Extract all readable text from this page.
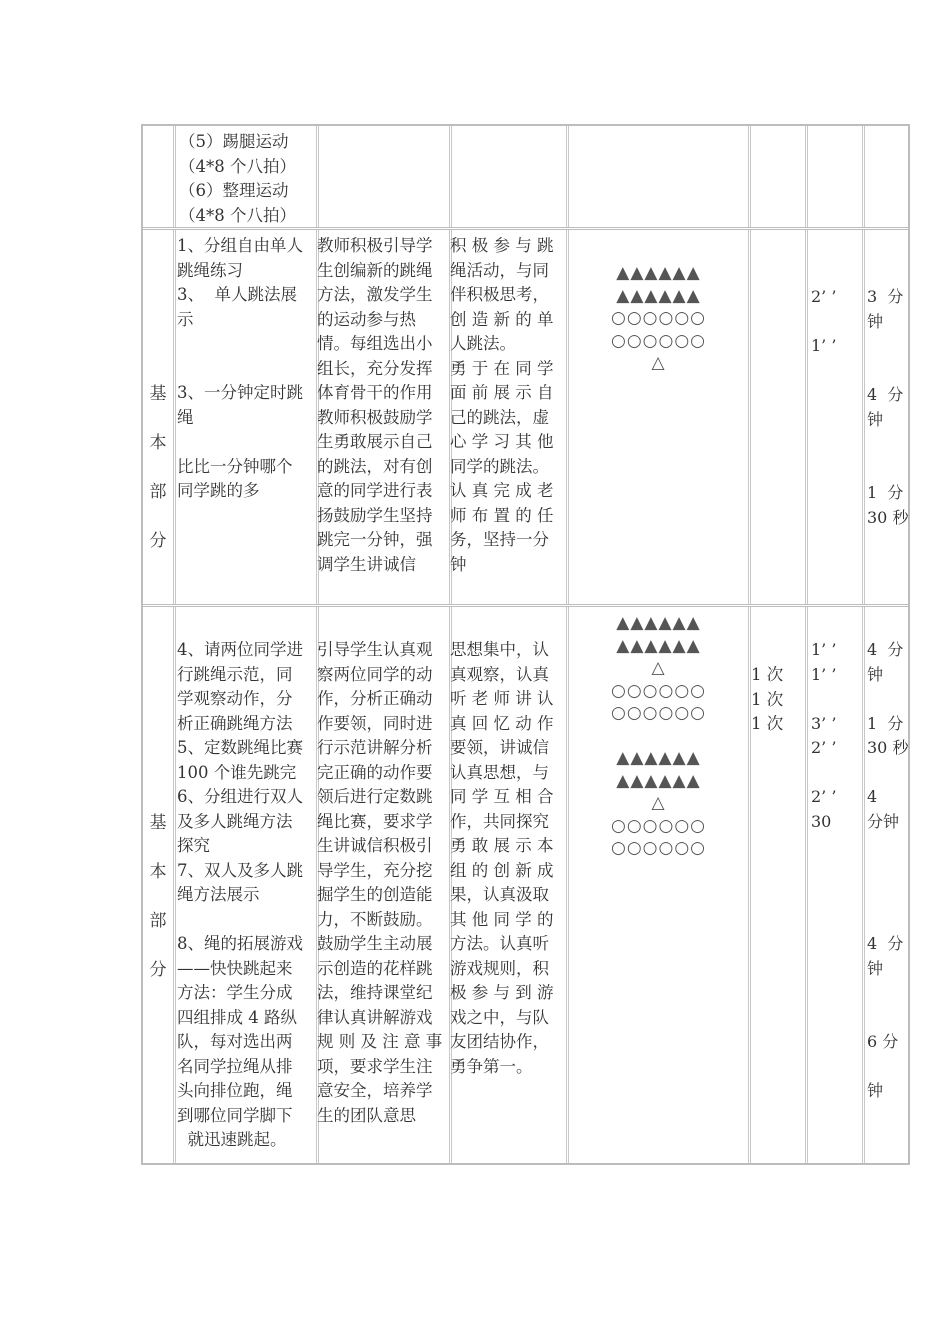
（5）踢腿运动
（4*8 个八拍）
（6）整理运动
（4*8 个八拍）
基

本

部

分
1、分组自由单人
跳绳练习
3、  单人跳法展
示

3、一分钟定时跳
绳

比比一分钟哪个
同学跳的多
教师积极引导学
生创编新的跳绳
方法，激发学生
的运动参与热
情。每组选出小
组长，充分发挥
体育骨干的作用
教师积极鼓励学
生勇敢展示自己
的跳法，对有创
意的同学进行表
扬鼓励学生坚持
跳完一分钟，强
调学生讲诚信
积 极 参 与 跳
绳活动，与同
伴积极思考，
创 造 新 的 单
人跳法。
勇 于 在 同 学
面 前 展 示 自
己的跳法，虚
心 学 习 其 他
同学的跳法。
认 真 完 成 老
师 布 置 的 任
务，坚持一分
钟
▲▲▲▲▲▲
▲▲▲▲▲▲
○○○○○○
○○○○○○
△
2’ ’

1’ ’
3  分
钟

4  分
钟

1  分
30 秒
基

本

部

分
4、请两位同学进
行跳绳示范，同
学观察动作，分
析正确跳绳方法
5、定数跳绳比赛
100 个谁先跳完
6、分组进行双人
及多人跳绳方法
探究
7、双人及多人跳
绳方法展示

8、绳的拓展游戏
——快快跳起来
方法：学生分成
四组排成 4 路纵
队，每对选出两
名同学拉绳从排
头向排位跑，绳
到哪位同学脚下
就迅速跳起。
引导学生认真观
察两位同学的动
作，分析正确动
作要领，同时进
行示范讲解分析
完正确的动作要
领后进行定数跳
绳比赛，要求学
生讲诚信积极引
导学生，充分挖
掘学生的创造能
力，不断鼓励。
鼓励学生主动展
示创造的花样跳
法，维持课堂纪
律认真讲解游戏
规 则 及 注 意 事
项，要求学生注
意安全，培养学
生的团队意思
思想集中，认
真观察，认真
听 老 师 讲 认
真 回 忆 动 作
要领，讲诚信
认真思想，与
同 学 互 相 合
作，共同探究
勇 敢 展 示 本
组 的 创 新 成
果，认真汲取
其 他 同 学 的
方法。认真听
游戏规则，积
极 参 与 到 游
戏之中，与队
友团结协作，
勇争第一。
▲▲▲▲▲▲
▲▲▲▲▲▲
△
○○○○○○
○○○○○○

▲▲▲▲▲▲
▲▲▲▲▲▲
△
○○○○○○
○○○○○○
1 次
1 次
1 次
1’ ’
1’ ’

3’ ’
2’ ’

2’ ’
30
4  分
钟

1  分
30 秒

4
分钟

4  分
钟

6 分

钟
